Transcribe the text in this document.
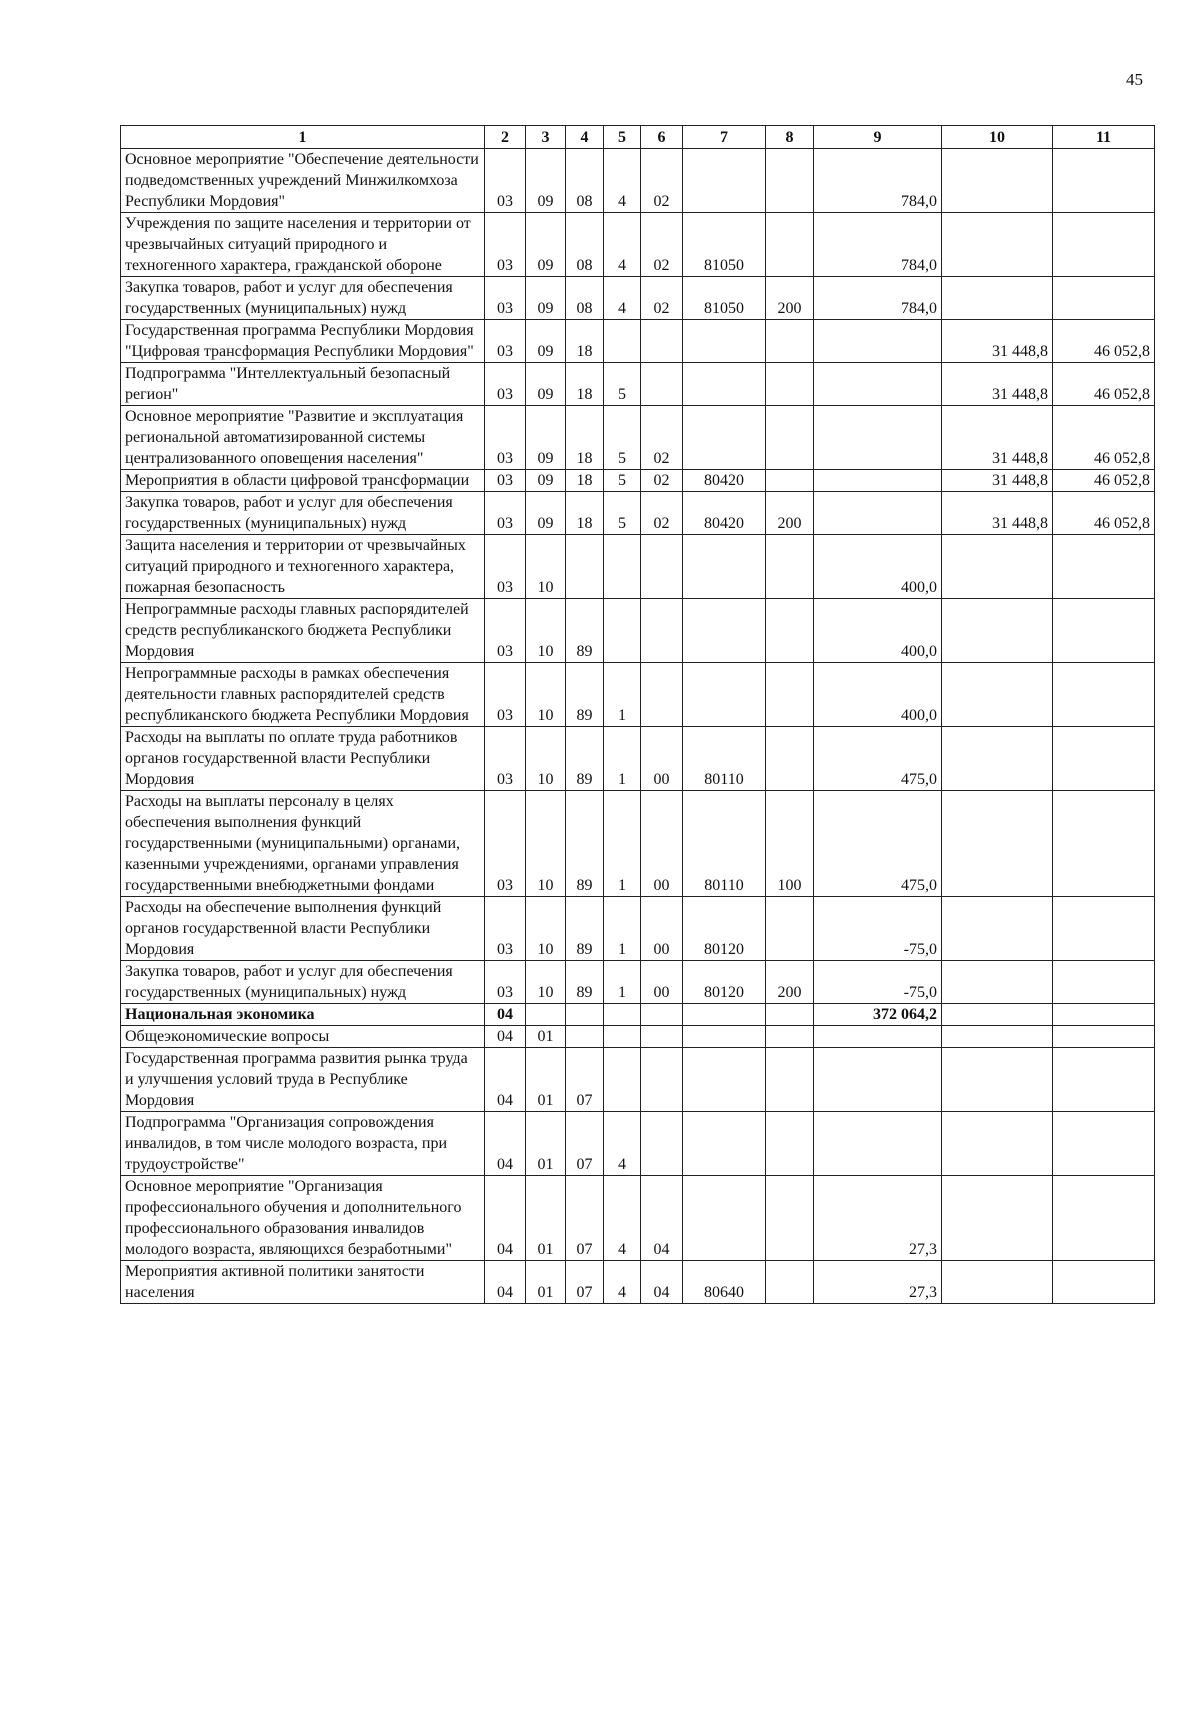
45
1	2	3	4	5	6	7	8	9	10	11
Основное мероприятие "Обеспечение деятельности подведомственных учреждений Минжилкомхоза Республики Мордовия"	03	09	08	4	02			784,0		
Учреждения по защите населения и территории от чрезвычайных ситуаций природного и техногенного характера, гражданской обороне	03	09	08	4	02	81050		784,0		
Закупка товаров, работ и услуг для обеспечения государственных (муниципальных) нужд	03	09	08	4	02	81050	200	784,0		
Государственная программа Республики Мордовия "Цифровая трансформация Республики Мордовия"	03	09	18						31 448,8	46 052,8
Подпрограмма "Интеллектуальный безопасный регион"	03	09	18	5					31 448,8	46 052,8
Основное мероприятие "Развитие и эксплуатация региональной автоматизированной системы централизованного оповещения населения"	03	09	18	5	02				31 448,8	46 052,8
Мероприятия в области цифровой трансформации	03	09	18	5	02	80420			31 448,8	46 052,8
Закупка товаров, работ и услуг для обеспечения государственных (муниципальных) нужд	03	09	18	5	02	80420	200		31 448,8	46 052,8
Защита населения и территории от чрезвычайных ситуаций природного и техногенного характера, пожарная безопасность	03	10						400,0		
Непрограммные расходы главных распорядителей средств республиканского бюджета Республики Мордовия	03	10	89					400,0		
Непрограммные расходы в рамках обеспечения деятельности главных распорядителей средств республиканского бюджета Республики Мордовия	03	10	89	1				400,0		
Расходы на выплаты по оплате труда работников органов государственной власти Республики Мордовия	03	10	89	1	00	80110		475,0		
Расходы на выплаты персоналу в целях обеспечения выполнения функций государственными (муниципальными) органами, казенными учреждениями, органами управления государственными внебюджетными фондами	03	10	89	1	00	80110	100	475,0		
Расходы на обеспечение выполнения функций органов государственной власти Республики Мордовия	03	10	89	1	00	80120		-75,0		
Закупка товаров, работ и услуг для обеспечения государственных (муниципальных) нужд	03	10	89	1	00	80120	200	-75,0		
Национальная экономика	04							372 064,2		
Общеэкономические вопросы	04	01								
Государственная программа развития рынка труда и улучшения условий труда в Республике Мордовия	04	01	07							
Подпрограмма "Организация сопровождения инвалидов, в том числе молодого возраста, при трудоустройстве"	04	01	07	4						
Основное мероприятие "Организация профессионального обучения и дополнительного профессионального образования инвалидов молодого возраста, являющихся безработными"	04	01	07	4	04			27,3		
Мероприятия активной политики занятости населения	04	01	07	4	04	80640		27,3		
